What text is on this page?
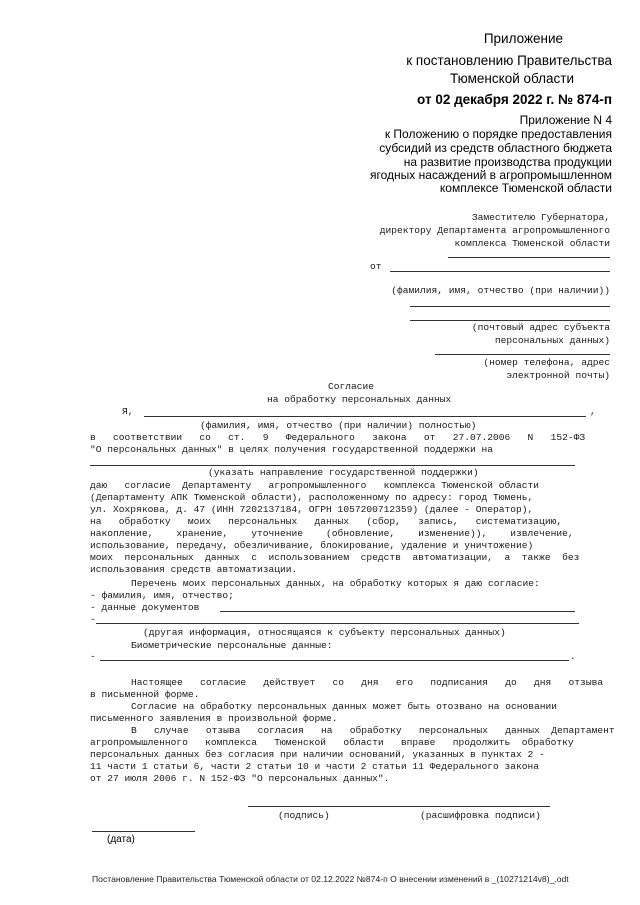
Приложение
к постановлению Правительства
Тюменской области
от 02 декабря 2022 г. № 874-п
Приложение N 4
к Положению о порядке предоставления
субсидий из средств областного бюджета
на развитие производства продукции
ягодных насаждений в агропромышленном
комплексе Тюменской области
Заместителю Губернатора,
директору Департамента агропромышленного
комплекса Тюменской области
от
(фамилия, имя, отчество (при наличии))
(почтовый адрес субъекта
персональных данных)
(номер телефона, адрес
электронной почты)
Согласие
на обработку персональных данных
Я,	,
(фамилия, имя, отчество (при наличии) полностью)
в   соответствии   со   ст.   9   Федерального   закона   от   27.07.2006   N   152-ФЗ
"О персональных данных" в целях получения государственной поддержки на
(указать направление государственной поддержки)
даю   согласие  Департаменту   агропромышленного   комплекса Тюменской области
(Департаменту АПК Тюменской области), расположенному по адресу: город Тюмень,
ул. Хохрякова, д. 47 (ИНН 7202137184, ОГРН 1057200712359) (далее - Оператор),
на   обработку   моих   персональных   данных   (сбор,   запись,   систематизацию,
накопление,    хранение,    уточнение    (обновление,    изменение)),    извлечение,
использование, передачу, обезличивание, блокирование, удаление и уничтожение)
моих  персональных  данных  с  использованием  средств  автоматизации,  а  также  без
использования средств автоматизации.
Перечень моих персональных данных, на обработку которых я даю согласие:
- фамилия, имя, отчество;
- данные документов
-
(другая информация, относящаяся к субъекту персональных данных)
Биометрические персональные данные:
-	.
Настоящее   согласие   действует   со   дня   его   подписания   до   дня   отзыва
в письменной форме.
Согласие на обработку персональных данных может быть отозвано на основании
письменного заявления в произвольной форме.
В   случае   отзыва   согласия   на   обработку   персональных   данных  Департамент
агропромышленного   комплекса   Тюменской   области   вправе   продолжить  обработку
персональных данных без согласия при наличии оснований, указанных в пунктах 2 -
11 части 1 статьи 6, части 2 статьи 10 и части 2 статьи 11 Федерального закона
от 27 июля 2006 г. N 152-ФЗ "О персональных данных".
(подпись)	(расшифровка подписи)
(дата)
Постановление Правительства Тюменской области от 02.12.2022 №874-п О внесении изменений в _(10271214v8)_.odt
